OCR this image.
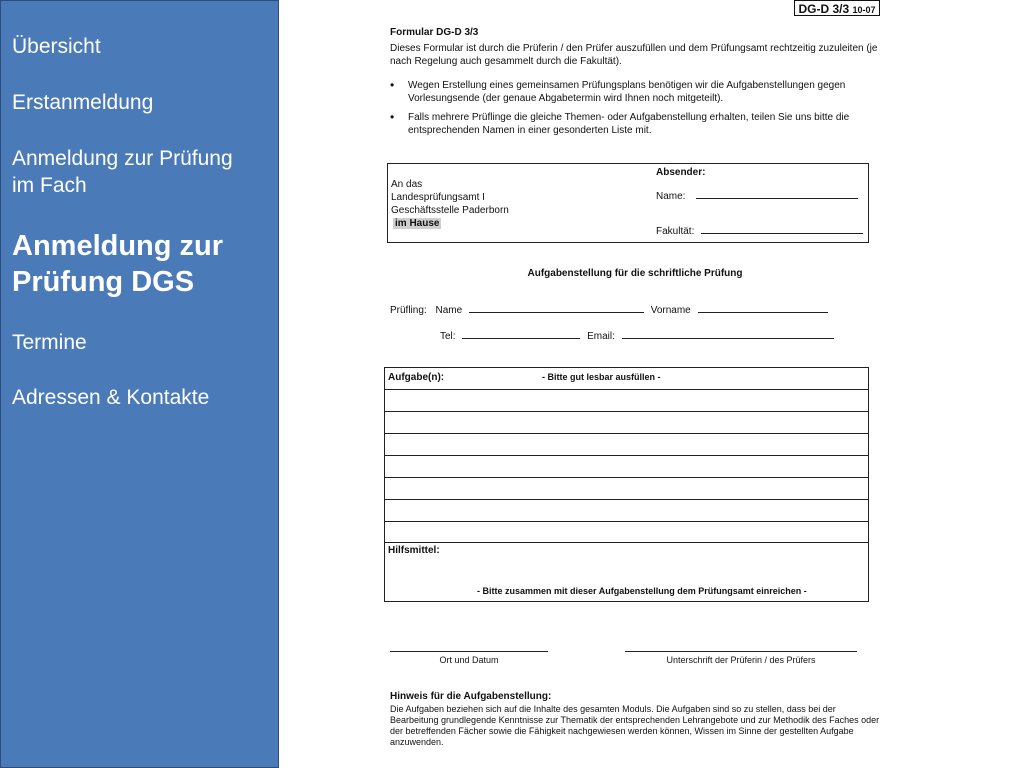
Übersicht
Erstanmeldung
Anmeldung zur Prüfung im Fach
Anmeldung zur Prüfung DGS
Termine
Adressen & Kontakte
DG-D 3/3 10-07
Formular DG-D 3/3
Dieses Formular ist durch die Prüferin / den Prüfer auszufüllen und dem Prüfungsamt rechtzeitig zuzuleiten (je nach Regelung auch gesammelt durch die Fakultät).
• Wegen Erstellung eines gemeinsamen Prüfungsplans benötigen wir die Aufgabenstellungen gegen Vorlesungsende (der genaue Abgabetermin wird Ihnen noch mitgeteilt).
• Falls mehrere Prüflinge die gleiche Themen- oder Aufgabenstellung erhalten, teilen Sie uns bitte die entsprechenden Namen in einer gesonderten Liste mit.
An das
Landesprüfungsamt I
Geschäftsstelle Paderborn
im Hause
Absender:
Name:
Fakultät:
Aufgabenstellung für die schriftliche Prüfung
Prüfling: Name	Vorname
Tel:	Email:
Aufgabe(n):	- Bitte gut lesbar ausfüllen -
Hilfsmittel:
- Bitte zusammen mit dieser Aufgabenstellung dem Prüfungsamt einreichen -
Ort und Datum	Unterschrift der Prüferin / des Prüfers
Hinweis für die Aufgabenstellung:
Die Aufgaben beziehen sich auf die Inhalte des gesamten Moduls. Die Aufgaben sind so zu stellen, dass bei der Bearbeitung grundlegende Kenntnisse zur Thematik der entsprechenden Lehrangebote und zur Methodik des Faches oder der betreffenden Fächer sowie die Fähigkeit nachgewiesen werden können, Wissen im Sinne der gestellten Aufgabe anzuwenden.
